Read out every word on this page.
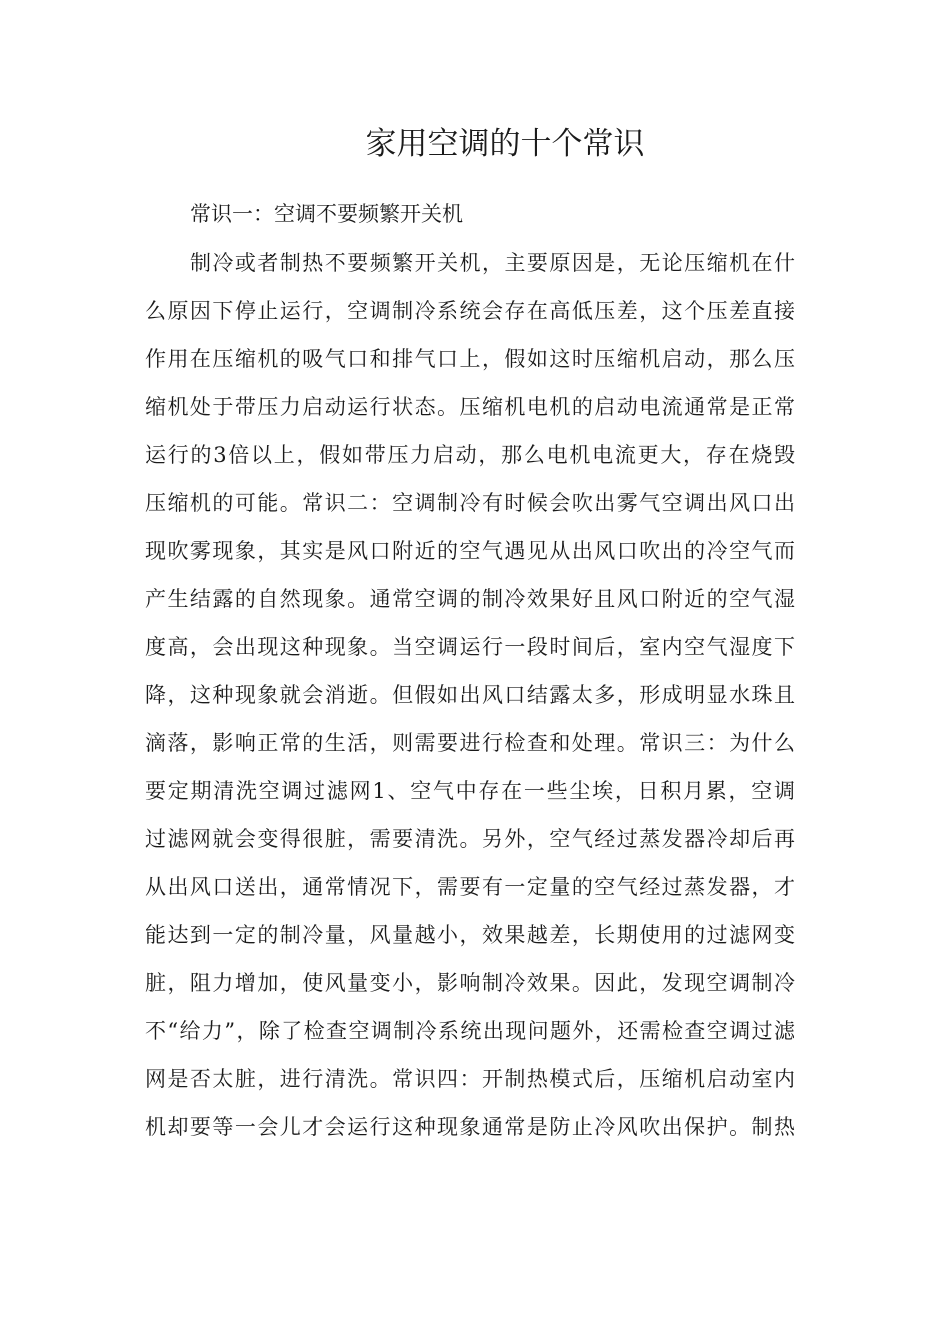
家用空调的十个常识

常识一：空调不要频繁开关机

制冷或者制热不要频繁开关机，主要原因是，无论压缩机在什
么原因下停止运行，空调制冷系统会存在高低压差，这个压差直接
作用在压缩机的吸气口和排气口上，假如这时压缩机启动，那么压
缩机处于带压力启动运行状态。压缩机电机的启动电流通常是正常
运行的3倍以上，假如带压力启动，那么电机电流更大，存在烧毁
压缩机的可能。常识二：空调制冷有时候会吹出雾气空调出风口出
现吹雾现象，其实是风口附近的空气遇见从出风口吹出的冷空气而
产生结露的自然现象。通常空调的制冷效果好且风口附近的空气湿
度高，会出现这种现象。当空调运行一段时间后，室内空气湿度下
降，这种现象就会消逝。但假如出风口结露太多，形成明显水珠且
滴落，影响正常的生活，则需要进行检查和处理。常识三：为什么
要定期清洗空调过滤网1、空气中存在一些尘埃，日积月累，空调
过滤网就会变得很脏，需要清洗。另外，空气经过蒸发器冷却后再
从出风口送出，通常情况下，需要有一定量的空气经过蒸发器，才
能达到一定的制冷量，风量越小，效果越差，长期使用的过滤网变
脏，阻力增加，使风量变小，影响制冷效果。因此，发现空调制冷
不“给力”，除了检查空调制冷系统出现问题外，还需检查空调过滤
网是否太脏，进行清洗。常识四：开制热模式后，压缩机启动室内
机却要等一会儿才会运行这种现象通常是防止冷风吹出保护。制热
